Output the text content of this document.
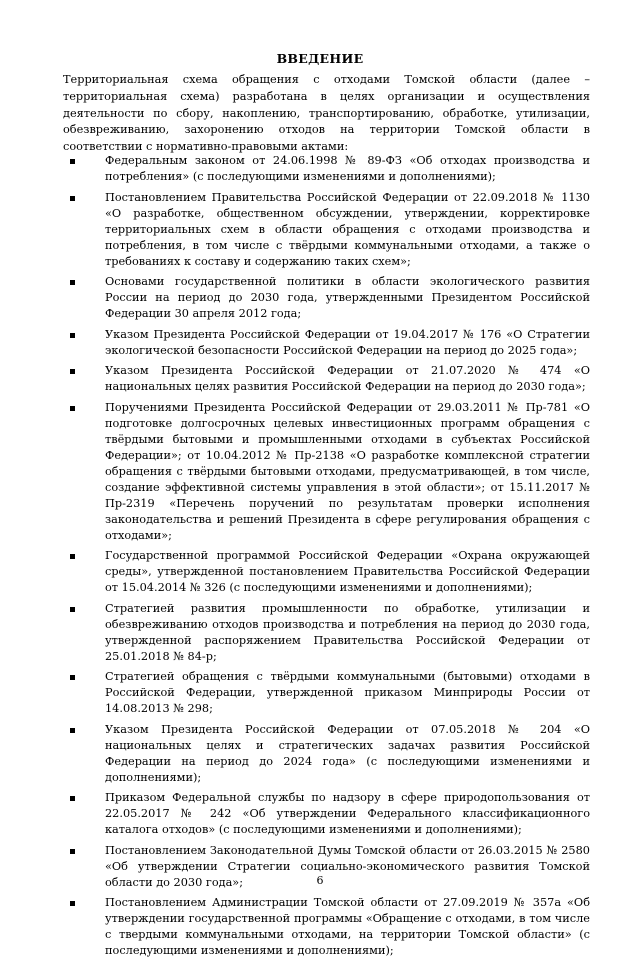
ВВЕДЕНИЕ

Территориальная схема обращения с отходами Томской области (далее – территориальная схема) разработана в целях организации и осуществления деятельности по сбору, накоплению, транспортированию, обработке, утилизации, обезвреживанию, захоронению отходов на территории Томской области в соответствии с нормативно-правовыми актами:

Федеральным законом от 24.06.1998 № 89-ФЗ «Об отходах производства и потребления» (с последующими изменениями и дополнениями);
Постановлением Правительства Российской Федерации от 22.09.2018 № 1130 «О разработке, общественном обсуждении, утверждении, корректировке территориальных схем в области обращения с отходами производства и потребления, в том числе с твёрдыми коммунальными отходами, а также о требованиях к составу и содержанию таких схем»;
Основами государственной политики в области экологического развития России на период до 2030 года, утвержденными Президентом Российской Федерации 30 апреля 2012 года;
Указом Президента Российской Федерации от 19.04.2017 № 176 «О Стратегии экологической безопасности Российской Федерации на период до 2025 года»;
Указом Президента Российской Федерации от 21.07.2020 № 474 «О национальных целях развития Российской Федерации на период до 2030 года»;
Поручениями Президента Российской Федерации от 29.03.2011 № Пр-781 «О подготовке долгосрочных целевых инвестиционных программ обращения с твёрдыми бытовыми и промышленными отходами в субъектах Российской Федерации»; от 10.04.2012 № Пр-2138 «О разработке комплексной стратегии обращения с твёрдыми бытовыми отходами, предусматривающей, в том числе, создание эффективной системы управления в этой области»; от 15.11.2017 № Пр-2319 «Перечень поручений по результатам проверки исполнения законодательства и решений Президента в сфере регулирования обращения с отходами»;
Государственной программой Российской Федерации «Охрана окружающей среды», утвержденной постановлением Правительства Российской Федерации от 15.04.2014 № 326 (с последующими изменениями и дополнениями);
Стратегией развития промышленности по обработке, утилизации и обезвреживанию отходов производства и потребления на период до 2030 года, утвержденной распоряжением Правительства Российской Федерации от 25.01.2018 № 84-р;
Стратегией обращения с твёрдыми коммунальными (бытовыми) отходами в Российской Федерации, утвержденной приказом Минприроды России от 14.08.2013 № 298;
Указом Президента Российской Федерации от 07.05.2018 № 204 «О национальных целях и стратегических задачах развития Российской Федерации на период до 2024 года» (с последующими изменениями и дополнениями);
Приказом Федеральной службы по надзору в сфере природопользования от 22.05.2017 № 242 «Об утверждении Федерального классификационного каталога отходов» (с последующими изменениями и дополнениями);
Постановлением Законодательной Думы Томской области от 26.03.2015 № 2580 «Об утверждении Стратегии социально-экономического развития Томской области до 2030 года»;
Постановлением Администрации Томской области от 27.09.2019 № 357а «Об утверждении государственной программы «Обращение с отходами, в том числе с твердыми коммунальными отходами, на территории Томской области» (с последующими изменениями и дополнениями);
6
